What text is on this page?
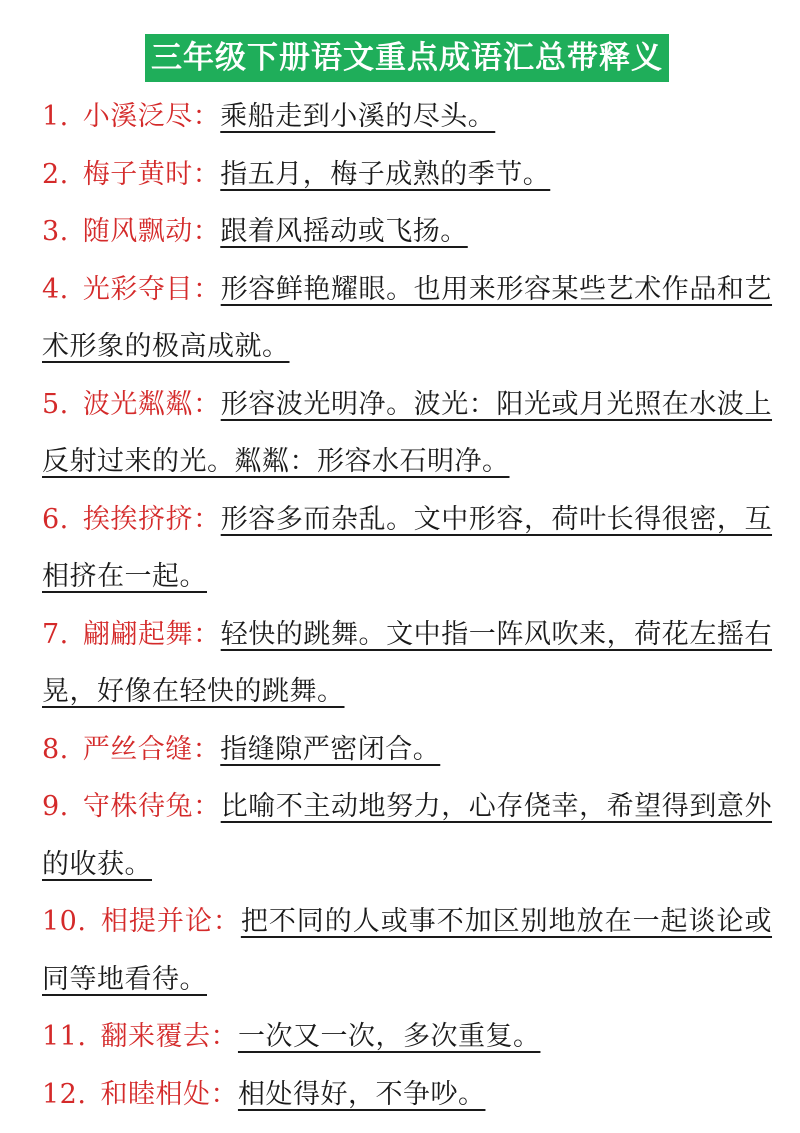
三年级下册语文重点成语汇总带释义
1. 小溪泛尽：乘船走到小溪的尽头。
2. 梅子黄时：指五月，梅子成熟的季节。
3. 随风飘动：跟着风摇动或飞扬。
4. 光彩夺目：形容鲜艳耀眼。也用来形容某些艺术作品和艺术形象的极高成就。
5. 波光粼粼：形容波光明净。波光：阳光或月光照在水波上反射过来的光。粼粼：形容水石明净。
6. 挨挨挤挤：形容多而杂乱。文中形容，荷叶长得很密，互相挤在一起。
7. 翩翩起舞：轻快的跳舞。文中指一阵风吹来，荷花左摇右晃，好像在轻快的跳舞。
8. 严丝合缝：指缝隙严密闭合。
9. 守株待兔：比喻不主动地努力，心存侥幸，希望得到意外的收获。
10. 相提并论：把不同的人或事不加区别地放在一起谈论或同等地看待。
11. 翻来覆去：一次又一次，多次重复。
12. 和睦相处：相处得好，不争吵。
